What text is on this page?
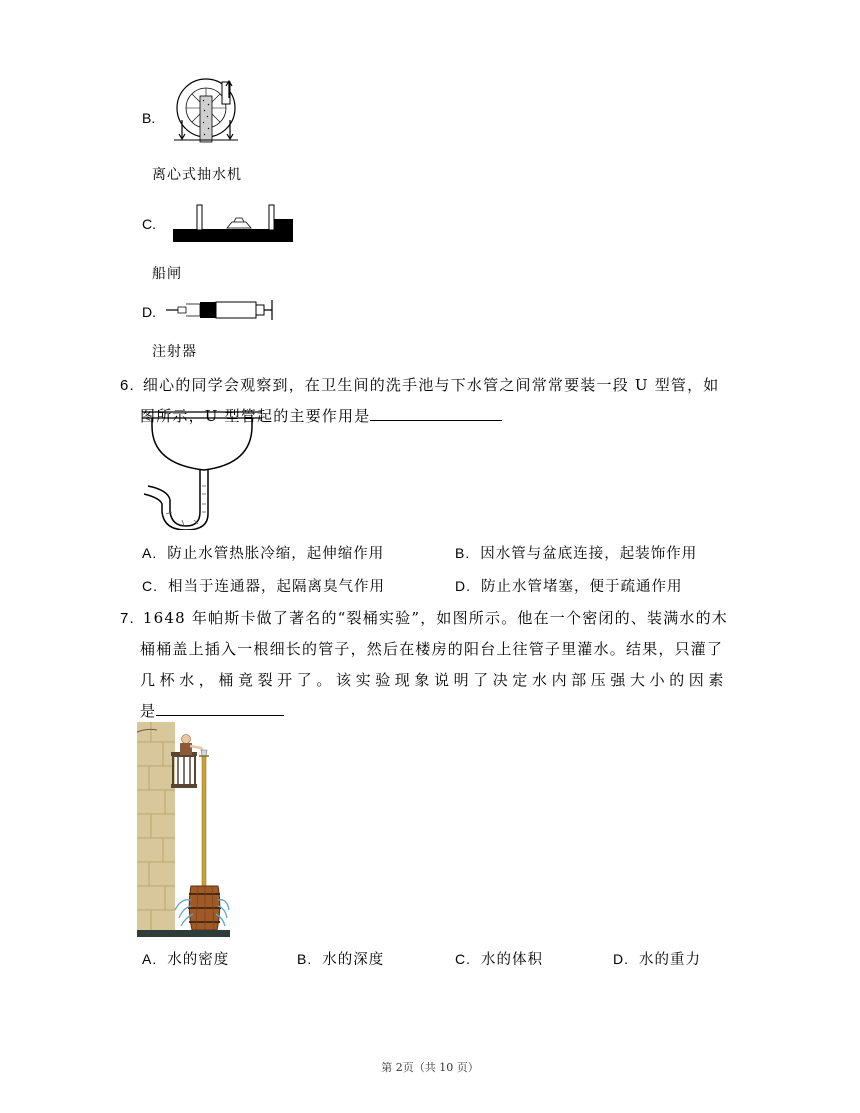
B.
离心式抽水机
C.
船闸
D.
注射器
6. 细心的同学会观察到，在卫生间的洗手池与下水管之间常常要装一段 U 型管，如
图所示，U 型管起的主要作用是
A. 防止水管热胀冷缩，起伸缩作用	B. 因水管与盆底连接，起装饰作用
C. 相当于连通器，起隔离臭气作用	D. 防止水管堵塞，便于疏通作用
7. 1648 年帕斯卡做了著名的“裂桶实验”，如图所示。他在一个密闭的、装满水的木
桶桶盖上插入一根细长的管子，然后在楼房的阳台上往管子里灌水。结果，只灌了
几杯水，桶竟裂开了。该实验现象说明了决定水内部压强大小的因素
是
A. 水的密度	B. 水的深度	C. 水的体积	D. 水的重力
第 2页（共 10 页）
